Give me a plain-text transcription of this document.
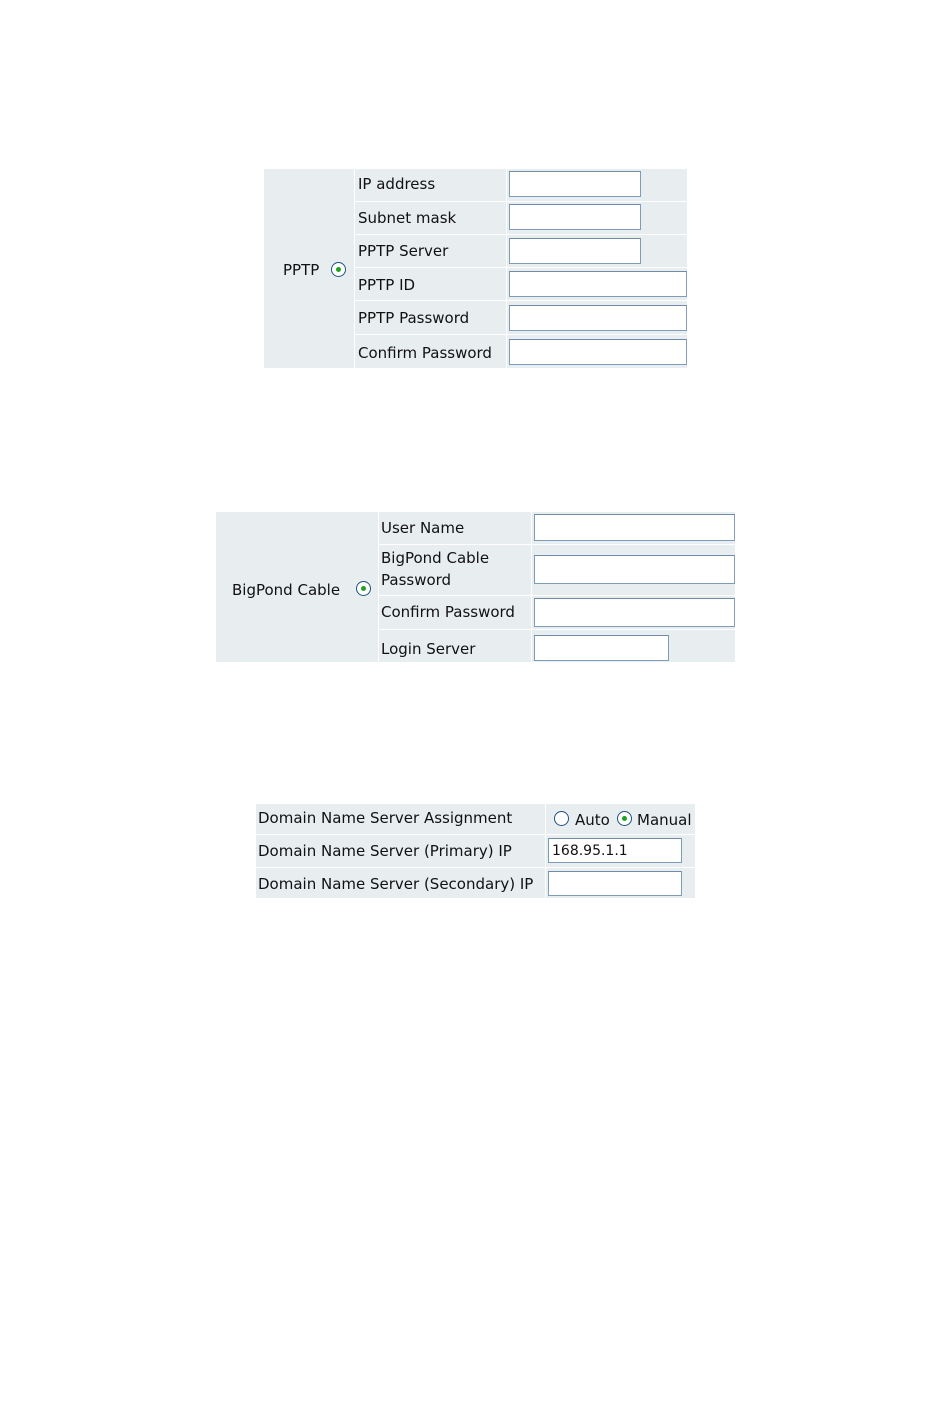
PPTP
IP address
Subnet mask
PPTP Server
PPTP ID
PPTP Password
Confirm Password
BigPond Cable
User Name
BigPond Cable
Password
Confirm Password
Login Server
Domain Name Server Assignment	Auto Manual
Domain Name Server (Primary) IP
168.95.1.1
Domain Name Server (Secondary) IP
